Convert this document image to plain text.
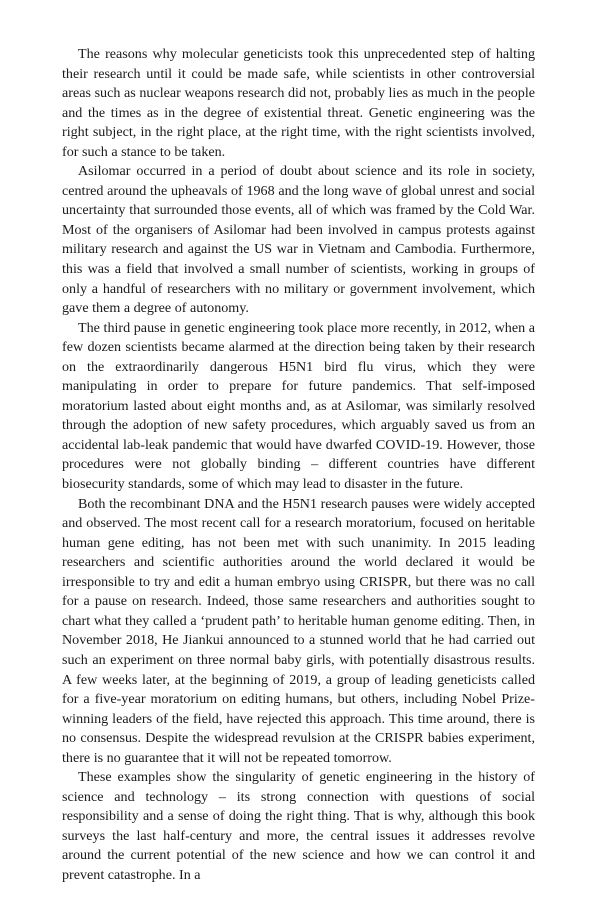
The reasons why molecular geneticists took this unprecedented step of halting their research until it could be made safe, while scientists in other controversial areas such as nuclear weapons research did not, probably lies as much in the people and the times as in the degree of existential threat. Genetic engineering was the right subject, in the right place, at the right time, with the right scientists involved, for such a stance to be taken.

Asilomar occurred in a period of doubt about science and its role in society, centred around the upheavals of 1968 and the long wave of global unrest and social uncertainty that surrounded those events, all of which was framed by the Cold War. Most of the organisers of Asilomar had been involved in campus protests against military research and against the US war in Vietnam and Cambodia. Furthermore, this was a field that involved a small number of scientists, working in groups of only a handful of researchers with no military or government involvement, which gave them a degree of autonomy.

The third pause in genetic engineering took place more recently, in 2012, when a few dozen scientists became alarmed at the direction being taken by their research on the extraordinarily dangerous H5N1 bird flu virus, which they were manipulating in order to prepare for future pandemics. That self-imposed moratorium lasted about eight months and, as at Asilomar, was similarly resolved through the adoption of new safety procedures, which arguably saved us from an accidental lab-leak pandemic that would have dwarfed COVID-19. However, those procedures were not globally binding – different countries have different biosecurity standards, some of which may lead to disaster in the future.

Both the recombinant DNA and the H5N1 research pauses were widely accepted and observed. The most recent call for a research moratorium, focused on heritable human gene editing, has not been met with such unanimity. In 2015 leading researchers and scientific authorities around the world declared it would be irresponsible to try and edit a human embryo using CRISPR, but there was no call for a pause on research. Indeed, those same researchers and authorities sought to chart what they called a ‘prudent path’ to heritable human genome editing. Then, in November 2018, He Jiankui announced to a stunned world that he had carried out such an experiment on three normal baby girls, with potentially disastrous results. A few weeks later, at the beginning of 2019, a group of leading geneticists called for a five-year moratorium on editing humans, but others, including Nobel Prize-winning leaders of the field, have rejected this approach. This time around, there is no consensus. Despite the widespread revulsion at the CRISPR babies experiment, there is no guarantee that it will not be repeated tomorrow.

These examples show the singularity of genetic engineering in the history of science and technology – its strong connection with questions of social responsibility and a sense of doing the right thing. That is why, although this book surveys the last half-century and more, the central issues it addresses revolve around the current potential of the new science and how we can control it and prevent catastrophe. In a
